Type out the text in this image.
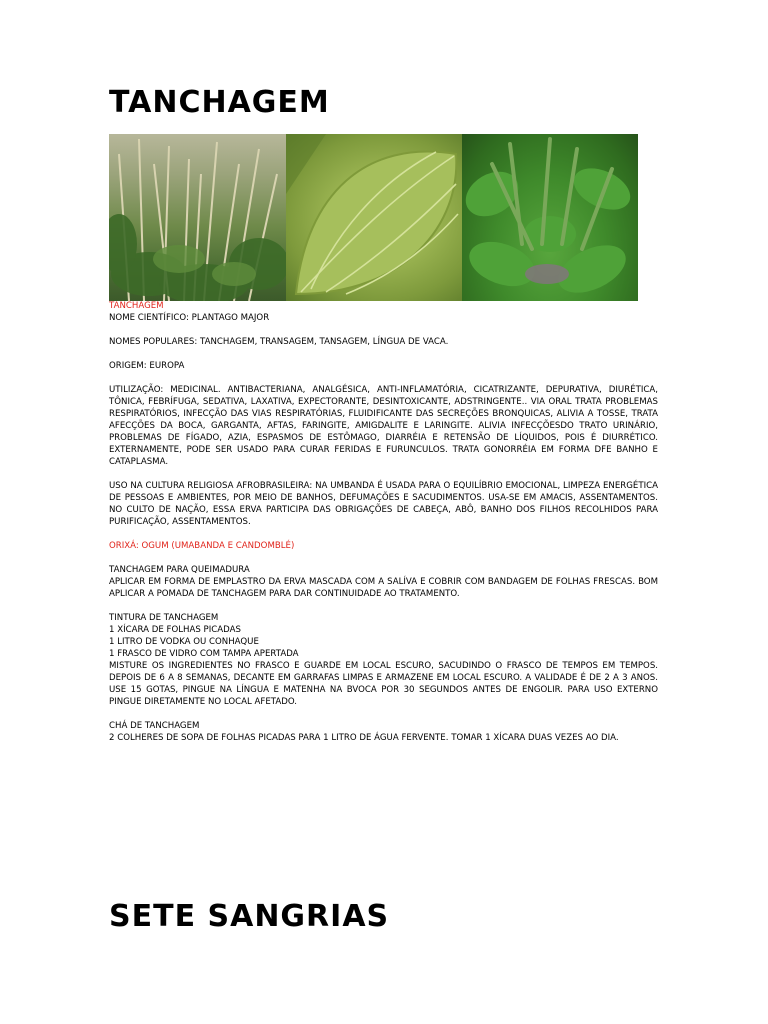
TANCHAGEM

TANCHAGEM

NOME CIENTÍFICO: PLANTAGO MAJOR

NOMES POPULARES: TANCHAGEM, TRANSAGEM, TANSAGEM, LÍNGUA DE VACA.

ORIGEM: EUROPA

UTILIZAÇÃO: MEDICINAL. ANTIBACTERIANA, ANALGÉSICA, ANTI-INFLAMATÓRIA, CICATRIZANTE, DEPURATIVA, DIURÉTICA, TÔNICA, FEBRÍFUGA, SEDATIVA, LAXATIVA, EXPECTORANTE, DESINTOXICANTE, ADSTRINGENTE.. VIA ORAL TRATA PROBLEMAS RESPIRATÓRIOS, INFECÇÃO DAS VIAS RESPIRATÓRIAS, FLUIDIFICANTE DAS SECREÇÕES BRONQUICAS, ALIVIA A TOSSE, TRATA AFECÇÕES DA BOCA, GARGANTA, AFTAS, FARINGITE, AMIGDALITE E LARINGITE. ALIVIA INFECÇÕESDO TRATO URINÁRIO, PROBLEMAS DE FÍGADO, AZIA, ESPASMOS DE ESTÔMAGO, DIARRÉIA E RETENSÃO DE LÍQUIDOS, POIS É DIURRÉTICO. EXTERNAMENTE, PODE SER USADO PARA CURAR FERIDAS E FURUNCULOS. TRATA GONORRÉIA EM FORMA DFE BANHO E CATAPLASMA.

USO NA CULTURA RELIGIOSA AFROBRASILEIRA: NA UMBANDA É USADA PARA O EQUILÍBRIO EMOCIONAL, LIMPEZA ENERGÉTICA DE PESSOAS E AMBIENTES, POR MEIO DE BANHOS, DEFUMAÇÕES E SACUDIMENTOS. USA-SE EM AMACIS, ASSENTAMENTOS. NO CULTO DE NAÇÃO, ESSA ERVA PARTICIPA DAS OBRIGAÇÕES DE CABEÇA, ABÔ, BANHO DOS FILHOS RECOLHIDOS PARA PURIFICAÇÃO, ASSENTAMENTOS.

ORIXÁ: OGUM (UMABANDA E CANDOMBLÉ)

TANCHAGEM PARA QUEIMADURA

APLICAR EM FORMA DE EMPLASTRO DA ERVA MASCADA COM A SALÍVA E COBRIR COM BANDAGEM DE FOLHAS FRESCAS. BOM APLICAR A POMADA DE TANCHAGEM PARA DAR CONTINUIDADE AO TRATAMENTO.

TINTURA DE TANCHAGEM

1 XÍCARA DE FOLHAS PICADAS

1 LITRO DE VODKA OU CONHAQUE

1 FRASCO DE VIDRO COM TAMPA APERTADA

MISTURE OS INGREDIENTES NO FRASCO E GUARDE EM LOCAL ESCURO, SACUDINDO O FRASCO DE TEMPOS EM TEMPOS. DEPOIS DE 6 A 8 SEMANAS, DECANTE EM GARRAFAS LIMPAS E ARMAZENE EM LOCAL ESCURO. A VALIDADE É DE 2 A 3 ANOS. USE 15 GOTAS, PINGUE NA LÍNGUA E MATENHA NA BVOCA POR 30 SEGUNDOS ANTES DE ENGOLIR. PARA USO EXTERNO PINGUE DIRETAMENTE NO LOCAL AFETADO.

CHÁ DE TANCHAGEM

2 COLHERES DE SOPA DE FOLHAS PICADAS PARA 1 LITRO DE ÁGUA FERVENTE. TOMAR 1 XÍCARA DUAS VEZES AO DIA.

SETE SANGRIAS
